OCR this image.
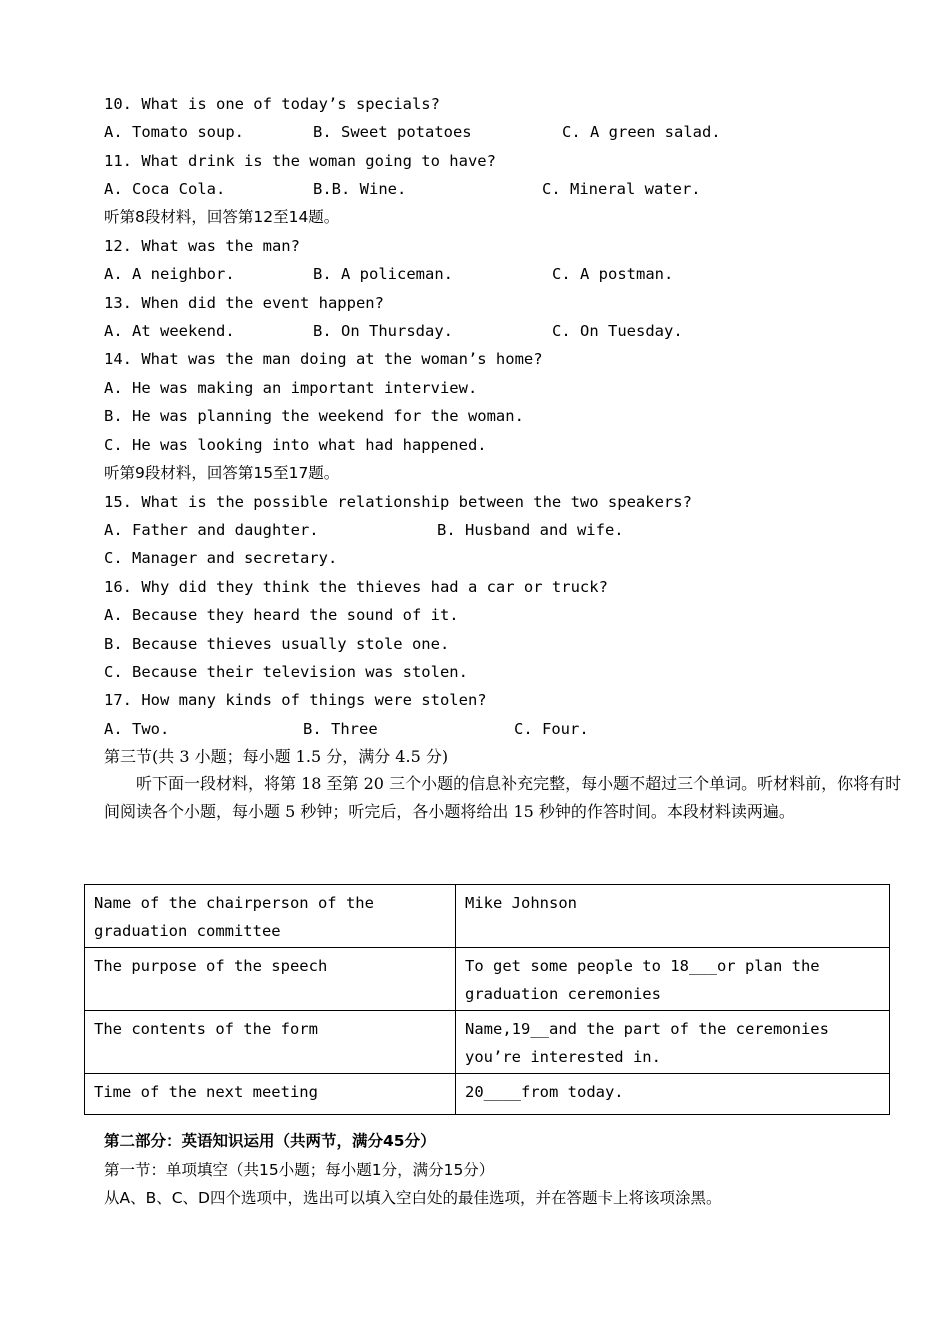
10. What is one of today’s specials?
A. Tomato soup.	B. Sweet potatoes	C. A green salad.
11. What drink is the woman going to have?
A. Coca Cola.	B.B. Wine.	C. Mineral water.
听第8段材料，回答第12至14题。
12. What was the man?
A. A neighbor.	B. A policeman.	C. A postman.
13. When did the event happen?
A. At weekend.	B. On Thursday.	C. On Tuesday.
14. What was the man doing at the woman’s home?
A. He was making an important interview.
B. He was planning the weekend for the woman.
C. He was looking into what had happened.
听第9段材料，回答第15至17题。
15. What is the possible relationship between the two speakers?
A. Father and daughter.	B. Husband and wife.
C. Manager and secretary.
16. Why did they think the thieves had a car or truck?
A. Because they heard the sound of it.
B. Because thieves usually stole one.
C. Because their television was stolen.
17. How many kinds of things were stolen?
A. Two.	B. Three	C. Four.
第三节(共 3 小题；每小题 1.5 分，满分 4.5 分)
听下面一段材料，将第 18 至第 20 三个小题的信息补充完整，每小题不超过三个单词。听材料前，你将有时间阅读各个小题，每小题 5 秒钟；听完后，各小题将给出 15 秒钟的作答时间。本段材料读两遍。
Name of the chairperson of the graduation committee	Mike Johnson
The purpose of the speech	To get some people to 18___or plan the graduation ceremonies
The contents of the form	Name,19__and the part of the ceremonies you’re interested in.
Time of the next meeting	20____from today.
第二部分：英语知识运用（共两节，满分45分）
第一节：单项填空（共15小题；每小题1分，满分15分）
从A、B、C、D四个选项中，选出可以填入空白处的最佳选项，并在答题卡上将该项涂黑。
